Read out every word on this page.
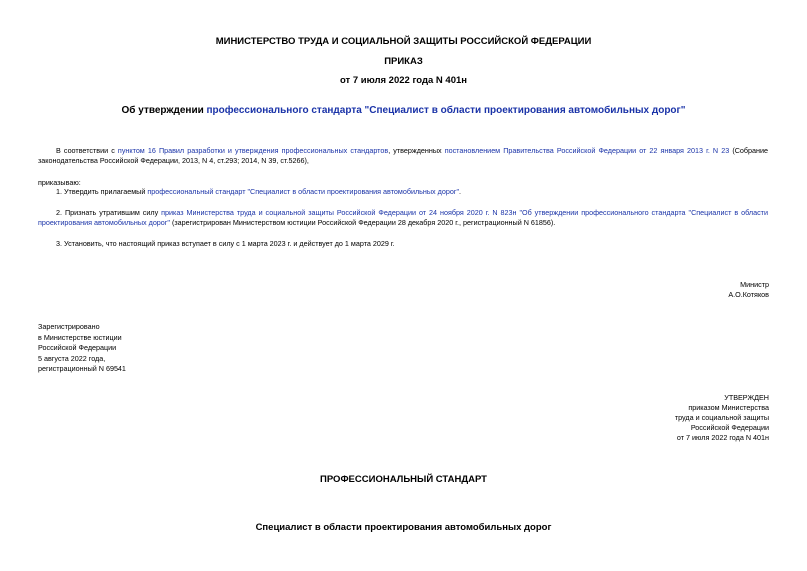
МИНИСТЕРСТВО ТРУДА И СОЦИАЛЬНОЙ ЗАЩИТЫ РОССИЙСКОЙ ФЕДЕРАЦИИ
ПРИКАЗ
от 7 июля 2022 года N 401н
Об утверждении профессионального стандарта "Специалист в области проектирования автомобильных дорог"
В соответствии с пунктом 16 Правил разработки и утверждения профессиональных стандартов, утвержденных постановлением Правительства Российской Федерации от 22 января 2013 г. N 23 (Собрание законодательства Российской Федерации, 2013, N 4, ст.293; 2014, N 39, ст.5266),
приказываю:
1. Утвердить прилагаемый профессиональный стандарт "Специалист в области проектирования автомобильных дорог".
2. Признать утратившим силу приказ Министерства труда и социальной защиты Российской Федерации от 24 ноября 2020 г. N 823н "Об утверждении профессионального стандарта "Специалист в области проектирования автомобильных дорог" (зарегистрирован Министерством юстиции Российской Федерации 28 декабря 2020 г., регистрационный N 61856).
3. Установить, что настоящий приказ вступает в силу с 1 марта 2023 г. и действует до 1 марта 2029 г.
Министр
А.О.Котяков
Зарегистрировано
в Министерстве юстиции
Российской Федерации
5 августа 2022 года,
регистрационный N 69541
УТВЕРЖДЕН
приказом Министерства
труда и социальной защиты
Российской Федерации
от 7 июля 2022 года N 401н
ПРОФЕССИОНАЛЬНЫЙ СТАНДАРТ
Специалист в области проектирования автомобильных дорог
